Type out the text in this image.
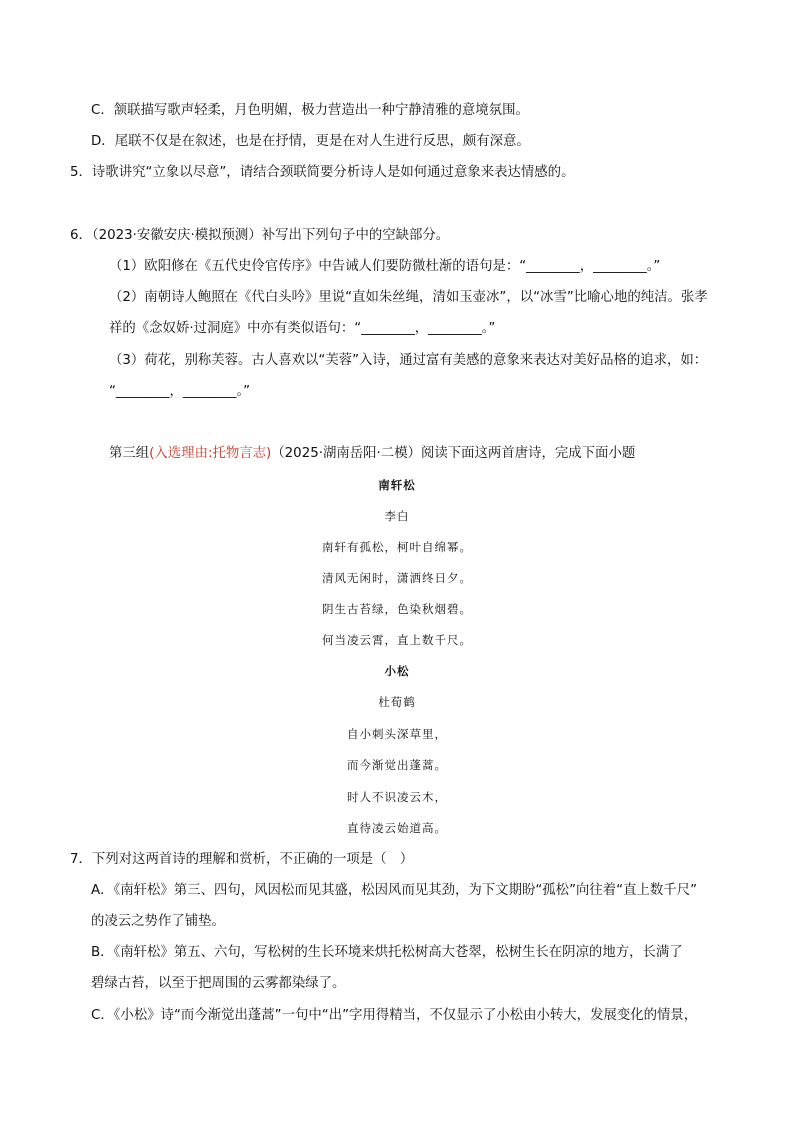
C．颔联描写歌声轻柔，月色明媚，极力营造出一种宁静清雅的意境氛围。
D．尾联不仅是在叙述，也是在抒情，更是在对人生进行反思，颇有深意。
5．诗歌讲究“立象以尽意”，请结合颈联简要分析诗人是如何通过意象来表达情感的。
6．（2023·安徽安庆·模拟预测）补写出下列句子中的空缺部分。
（1）欧阳修在《五代史伶官传序》中告诫人们要防微杜渐的语句是：“________，________。”
（2）南朝诗人鲍照在《代白头吟》里说“直如朱丝绳，清如玉壶冰”，以“冰雪”比喻心地的纯洁。张孝
祥的《念奴娇·过洞庭》中亦有类似语句：“________，________。”
（3）荷花，别称芙蓉。古人喜欢以“芙蓉”入诗，通过富有美感的意象来表达对美好品格的追求，如：
“________，________。”
第三组(入选理由:托物言志)（2025·湖南岳阳·二模）阅读下面这两首唐诗，完成下面小题
南轩松
李白
南轩有孤松，柯叶自绵幂。
清风无闲时，潇洒终日夕。
阴生古苔绿，色染秋烟碧。
何当凌云霄，直上数千尺。
小松
杜荀鹤
自小刺头深草里，
而今渐觉出蓬蒿。
时人不识凌云木，
直待凌云始道高。
7．下列对这两首诗的理解和赏析，不正确的一项是（　）
A．《南轩松》第三、四句，风因松而见其盛，松因风而见其劲，为下文期盼“孤松”向往着“直上数千尺”
的凌云之势作了铺垫。
B．《南轩松》第五、六句，写松树的生长环境来烘托松树高大苍翠，松树生长在阴凉的地方，长满了
碧绿古苔，以至于把周围的云雾都染绿了。
C．《小松》诗“而今渐觉出蓬蒿”一句中“出”字用得精当，不仅显示了小松由小转大，发展变化的情景，
